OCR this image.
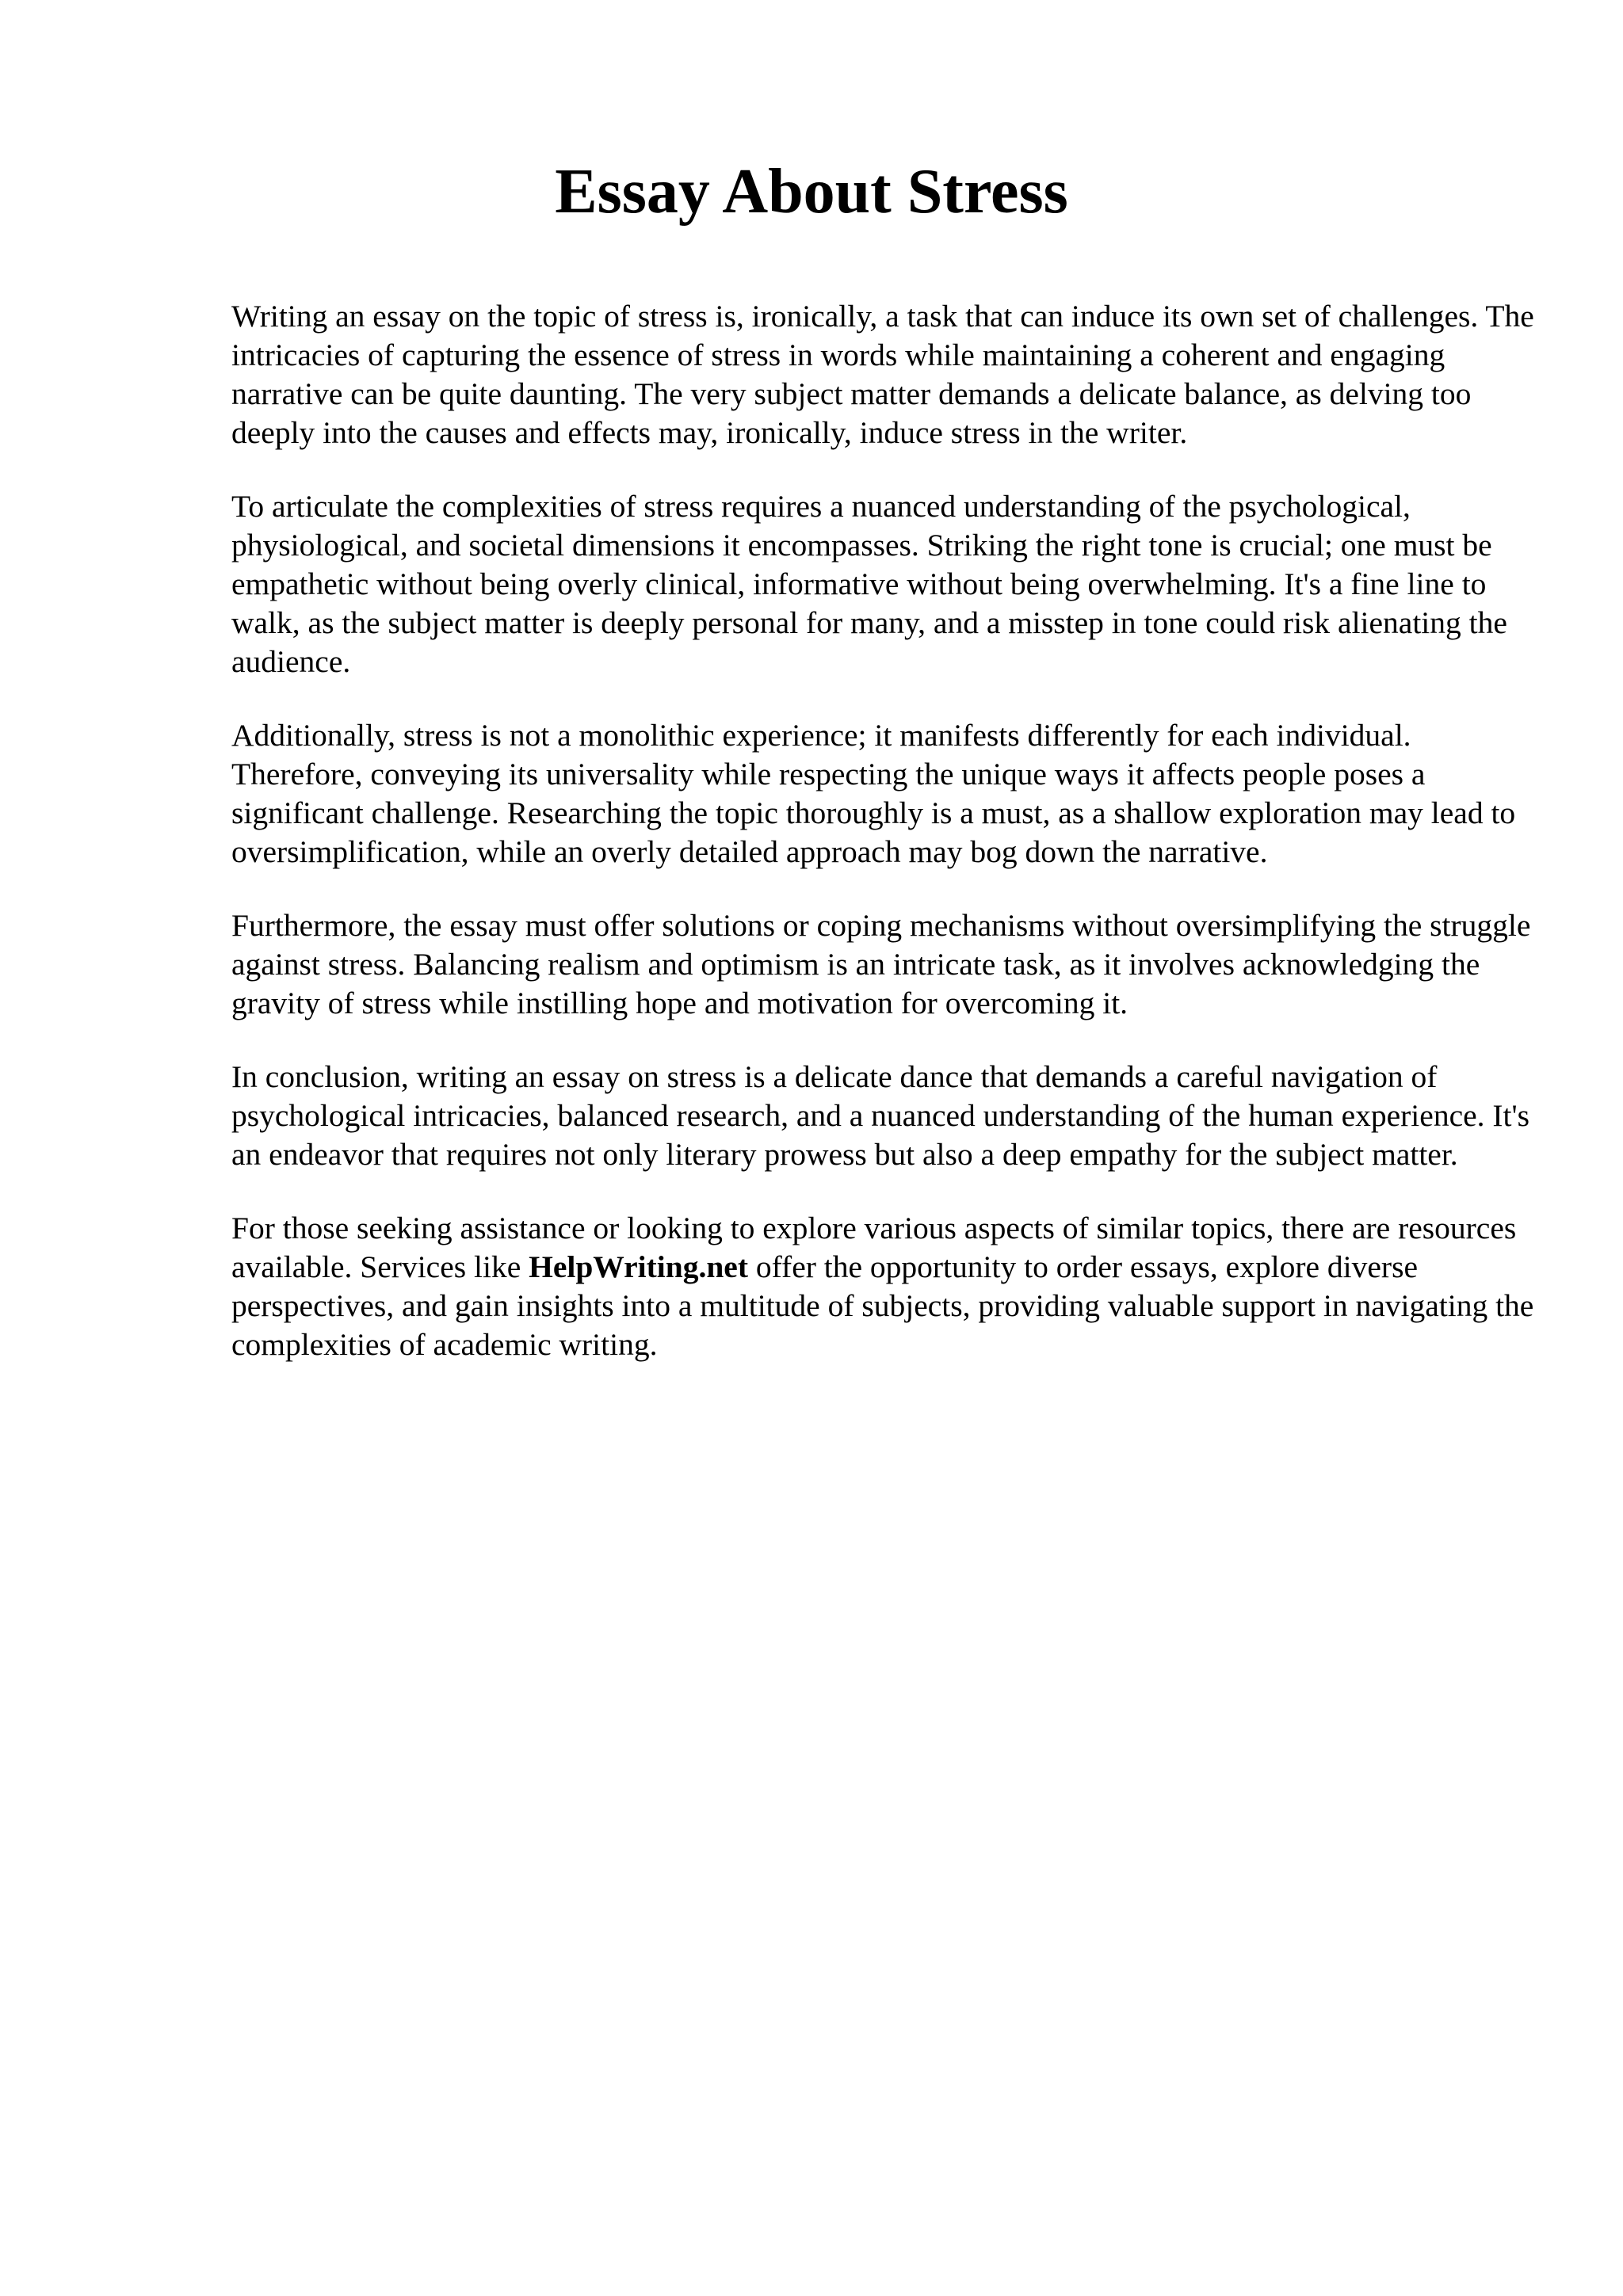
Essay About Stress

Writing an essay on the topic of stress is, ironically, a task that can induce its own set of challenges. The intricacies of capturing the essence of stress in words while maintaining a coherent and engaging narrative can be quite daunting. The very subject matter demands a delicate balance, as delving too deeply into the causes and effects may, ironically, induce stress in the writer.

To articulate the complexities of stress requires a nuanced understanding of the psychological, physiological, and societal dimensions it encompasses. Striking the right tone is crucial; one must be empathetic without being overly clinical, informative without being overwhelming. It's a fine line to walk, as the subject matter is deeply personal for many, and a misstep in tone could risk alienating the audience.

Additionally, stress is not a monolithic experience; it manifests differently for each individual. Therefore, conveying its universality while respecting the unique ways it affects people poses a significant challenge. Researching the topic thoroughly is a must, as a shallow exploration may lead to oversimplification, while an overly detailed approach may bog down the narrative.

Furthermore, the essay must offer solutions or coping mechanisms without oversimplifying the struggle against stress. Balancing realism and optimism is an intricate task, as it involves acknowledging the gravity of stress while instilling hope and motivation for overcoming it.

In conclusion, writing an essay on stress is a delicate dance that demands a careful navigation of psychological intricacies, balanced research, and a nuanced understanding of the human experience. It's an endeavor that requires not only literary prowess but also a deep empathy for the subject matter.

For those seeking assistance or looking to explore various aspects of similar topics, there are resources available. Services like HelpWriting.net offer the opportunity to order essays, explore diverse perspectives, and gain insights into a multitude of subjects, providing valuable support in navigating the complexities of academic writing.
